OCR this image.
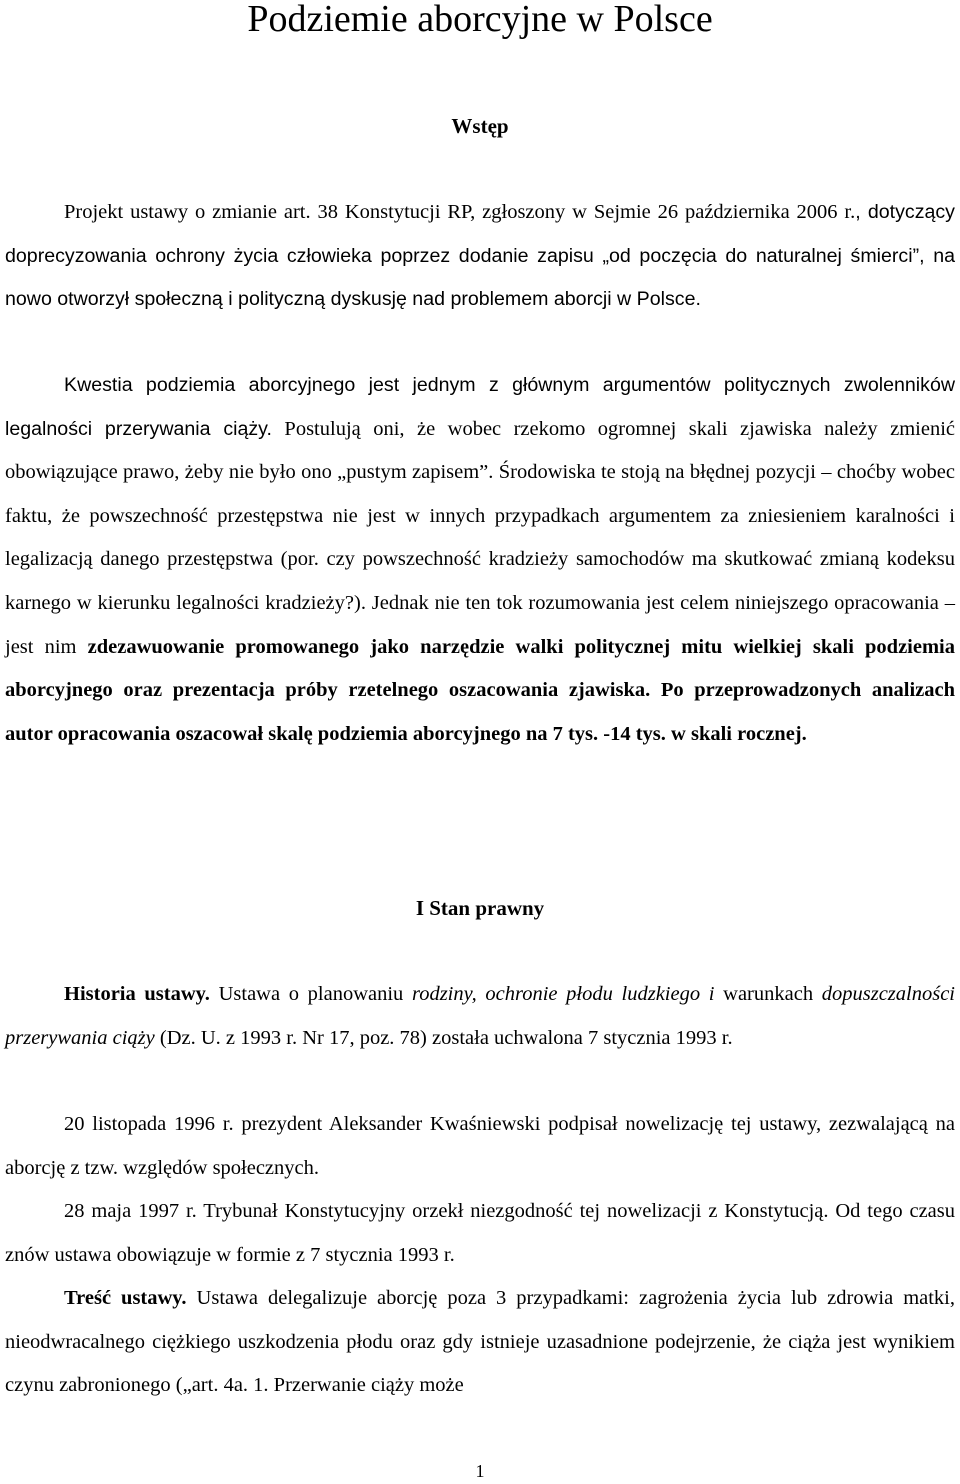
Podziemie aborcyjne w Polsce
Wstęp

Projekt ustawy o zmianie art. 38 Konstytucji RP, zgłoszony w Sejmie 26 października 2006 r., dotyczący doprecyzowania ochrony życia człowieka poprzez dodanie zapisu „od poczęcia do naturalnej śmierci”, na nowo otworzył społeczną i polityczną dyskusję nad problemem aborcji w Polsce.

Kwestia podziemia aborcyjnego jest jednym z głównym argumentów politycznych zwolenników legalności przerywania ciąży. Postulują oni, że wobec rzekomo ogromnej skali zjawiska należy zmienić obowiązujące prawo, żeby nie było ono „pustym zapisem”. Środowiska te stoją na błędnej pozycji – choćby wobec faktu, że powszechność przestępstwa nie jest w innych przypadkach argumentem za zniesieniem karalności i legalizacją danego przestępstwa (por. czy powszechność kradzieży samochodów ma skutkować zmianą kodeksu karnego w kierunku legalności kradzieży?). Jednak nie ten tok rozumowania jest celem niniejszego opracowania – jest nim zdezawuowanie promowanego jako narzędzie walki politycznej mitu wielkiej skali podziemia aborcyjnego oraz prezentacja próby rzetelnego oszacowania zjawiska. Po przeprowadzonych analizach autor opracowania oszacował skalę podziemia aborcyjnego na 7 tys. -14 tys. w skali rocznej.

I Stan prawny

Historia ustawy. Ustawa o planowaniu rodziny, ochronie płodu ludzkiego i warunkach dopuszczalności przerywania ciąży (Dz. U. z 1993 r. Nr 17, poz. 78) została uchwalona 7 stycznia 1993 r.

20 listopada 1996 r. prezydent Aleksander Kwaśniewski podpisał nowelizację tej ustawy, zezwalającą na aborcję z tzw. względów społecznych.

28 maja 1997 r. Trybunał Konstytucyjny orzekł niezgodność tej nowelizacji z Konstytucją. Od tego czasu znów ustawa obowiązuje w formie z 7 stycznia 1993 r.

Treść ustawy. Ustawa delegalizuje aborcję poza 3 przypadkami: zagrożenia życia lub zdrowia matki, nieodwracalnego ciężkiego uszkodzenia płodu oraz gdy istnieje uzasadnione podejrzenie, że ciąża jest wynikiem czynu zabronionego („art. 4a. 1. Przerwanie ciąży może

1
